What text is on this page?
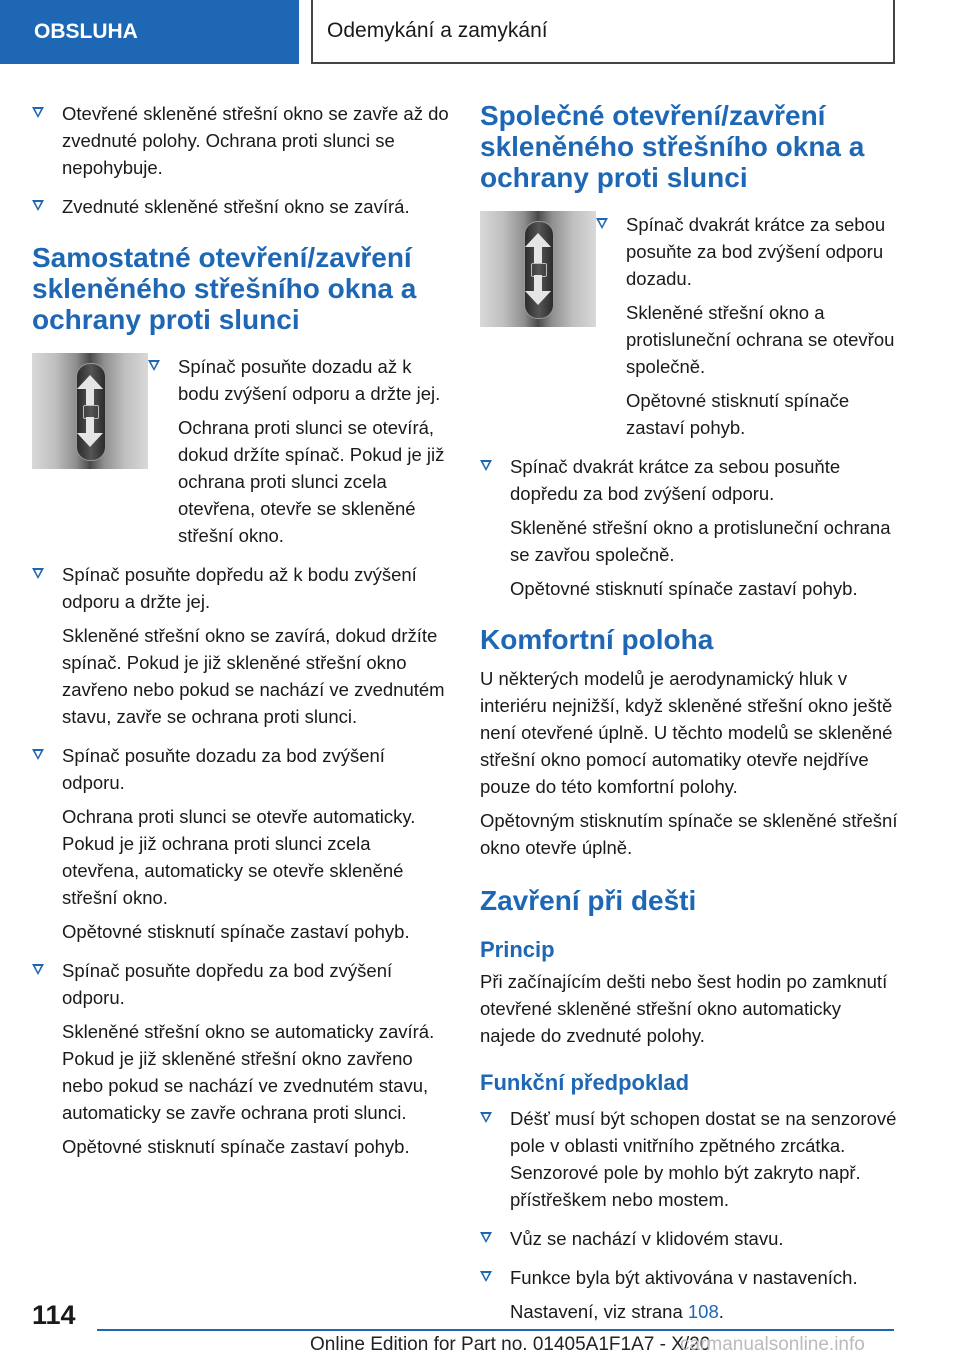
OBSLUHA	Odemykání a zamykání

Otevřené skleněné střešní okno se zavře až do zvednuté polohy. Ochrana proti slunci se nepohybuje.

Zvednuté skleněné střešní okno se zavírá.

Samostatné otevření/zavření skleněného střešního okna a ochrany proti slunci

Spínač posuňte dozadu až k bodu zvýšení odporu a držte jej.

Ochrana proti slunci se otevírá, dokud držíte spínač. Pokud je již ochrana proti slunci zcela otevřena, otevře se skleněné střešní okno.

Spínač posuňte dopředu až k bodu zvýšení odporu a držte jej.

Skleněné střešní okno se zavírá, dokud držíte spínač. Pokud je již skleněné střešní okno zavřeno nebo pokud se nachází ve zvednutém stavu, zavře se ochrana proti slunci.

Spínač posuňte dozadu za bod zvýšení odporu.

Ochrana proti slunci se otevře automaticky. Pokud je již ochrana proti slunci zcela otevřena, automaticky se otevře skleněné střešní okno.

Opětovné stisknutí spínače zastaví pohyb.

Spínač posuňte dopředu za bod zvýšení odporu.

Skleněné střešní okno se automaticky zavírá. Pokud je již skleněné střešní okno zavřeno nebo pokud se nachází ve zvednutém stavu, automaticky se zavře ochrana proti slunci.

Opětovné stisknutí spínače zastaví pohyb.

Společné otevření/zavření skleněného střešního okna a ochrany proti slunci

Spínač dvakrát krátce za sebou posuňte za bod zvýšení odporu dozadu.

Skleněné střešní okno a protisluneční ochrana se otevřou společně.

Opětovné stisknutí spínače zastaví pohyb.

Spínač dvakrát krátce za sebou posuňte dopředu za bod zvýšení odporu.

Skleněné střešní okno a protisluneční ochrana se zavřou společně.

Opětovné stisknutí spínače zastaví pohyb.

Komfortní poloha

U některých modelů je aerodynamický hluk v interiéru nejnižší, když skleněné střešní okno ještě není otevřené úplně. U těchto modelů se skleněné střešní okno pomocí automatiky otevře nejdříve pouze do této komfortní polohy.

Opětovným stisknutím spínače se skleněné střešní okno otevře úplně.

Zavření při dešti
Princip

Při začínajícím dešti nebo šest hodin po zamknutí otevřené skleněné střešní okno automaticky najede do zvednuté polohy.

Funkční předpoklad

Déšť musí být schopen dostat se na senzorové pole v oblasti vnitřního zpětného zrcátka. Senzorové pole by mohlo být zakryto např. přístřeškem nebo mostem.

Vůz se nachází v klidovém stavu.

Funkce byla být aktivována v nastaveních.

Nastavení, viz strana 108.

114
Online Edition for Part no. 01405A1F1A7 - X/20
carmanualsonline.info
